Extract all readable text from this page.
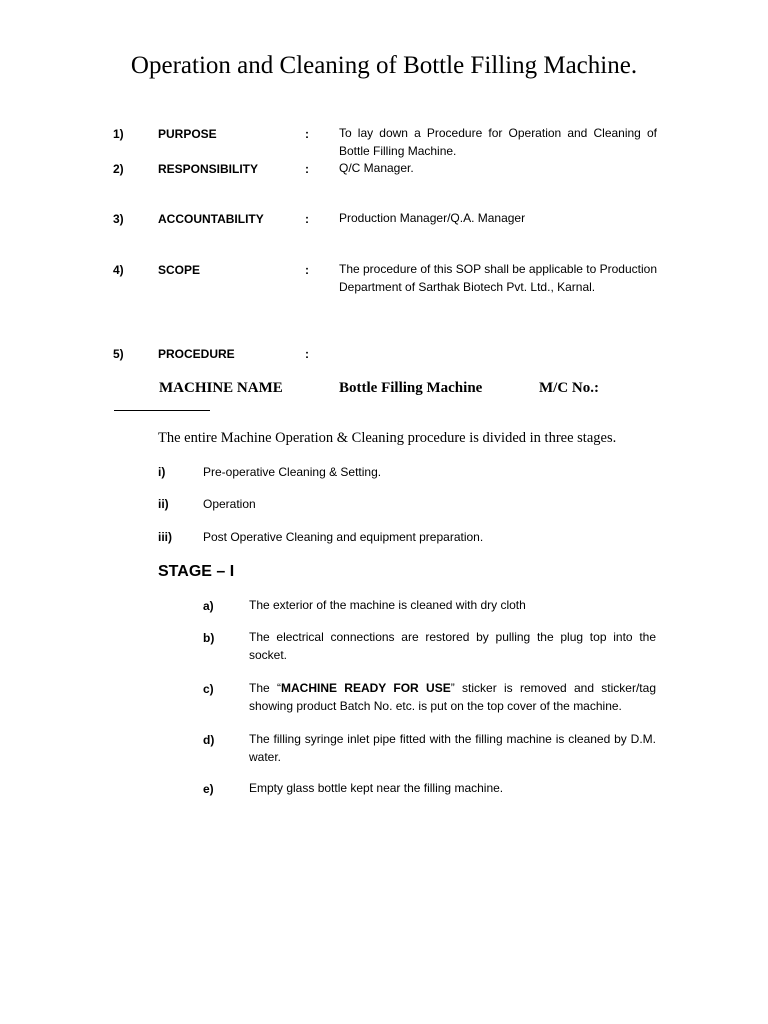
Operation and Cleaning of Bottle Filling Machine.
1)	PURPOSE	:	To lay down a Procedure for Operation and Cleaning of Bottle Filling Machine.
2)	RESPONSIBILITY	:	Q/C Manager.
3)	ACCOUNTABILITY	:	Production Manager/Q.A. Manager
4)	SCOPE	:	The procedure of this SOP shall be applicable to Production Department of Sarthak Biotech Pvt. Ltd., Karnal.
5)	PROCEDURE	:
MACHINE NAME	Bottle Filling Machine	M/C No.:
The entire Machine Operation & Cleaning procedure is divided in three stages.
i)	Pre-operative Cleaning & Setting.
ii)	Operation
iii)	Post Operative Cleaning and equipment preparation.
STAGE – I
a)	The exterior of the machine is cleaned with dry cloth
b)	The electrical connections are restored by pulling the plug top into the socket.
c)	The “MACHINE READY FOR USE” sticker is removed and sticker/tag showing product Batch No. etc. is put on the top cover of the machine.
d)	The filling syringe inlet pipe fitted with the filling machine is cleaned by D.M. water.
e)	Empty glass bottle kept near the filling machine.
